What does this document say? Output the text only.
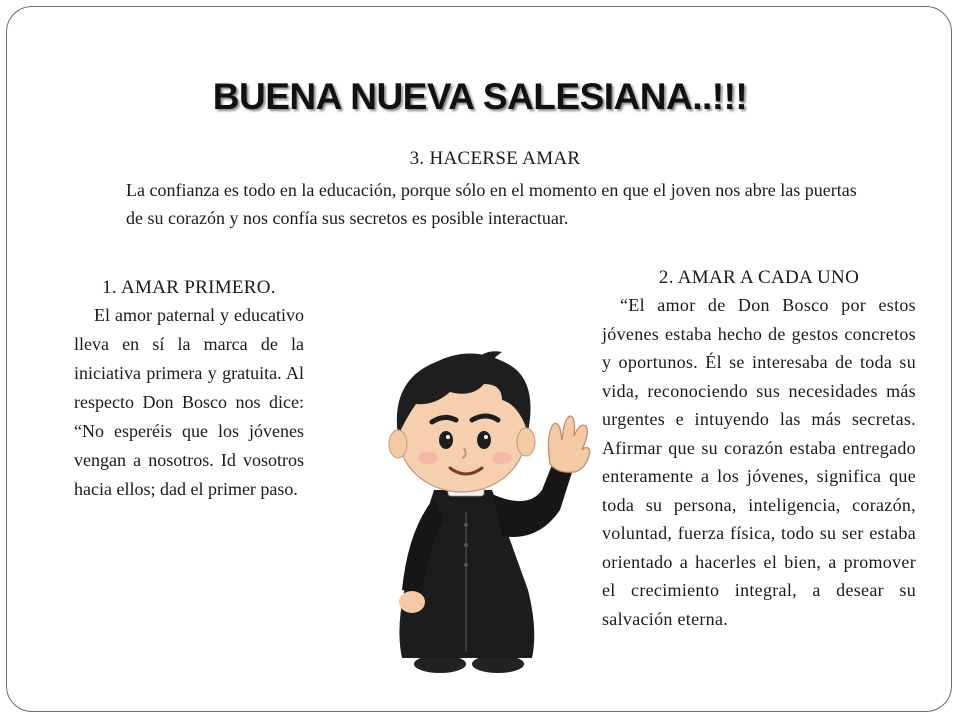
BUENA NUEVA SALESIANA..!!!
3. HACERSE AMAR
La confianza es todo en la educación, porque sólo en el momento en que el joven nos abre las puertas de su corazón y nos confía sus secretos es posible interactuar.
1. AMAR PRIMERO.

El amor paternal y educativo lleva en sí la marca de la iniciativa primera y gratuita. Al respecto Don Bosco nos dice: “No esperéis que los jóvenes vengan a nosotros. Id vosotros hacia ellos; dad el primer paso.

2. AMAR A CADA UNO

“El amor de Don Bosco por estos jóvenes estaba hecho de gestos concretos y oportunos. Él se interesaba de toda su vida, reconociendo sus necesidades más urgentes e intuyendo las más secretas. Afirmar que su corazón estaba entregado enteramente a los jóvenes, significa que toda su persona, inteligencia, corazón, voluntad, fuerza física, todo su ser estaba orientado a hacerles el bien, a promover el crecimiento integral, a desear su salvación eterna.
